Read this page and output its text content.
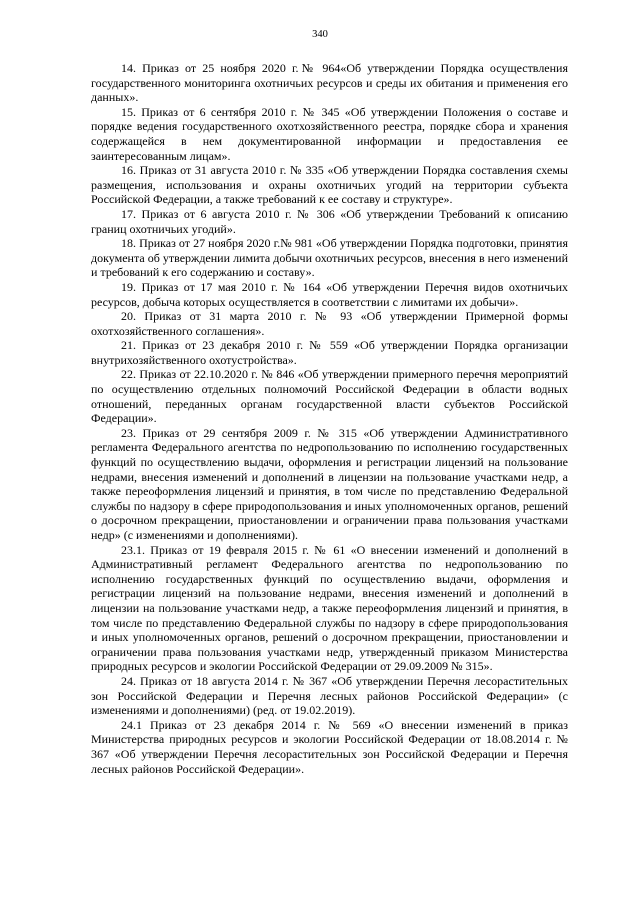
340

14. Приказ от 25 ноября 2020 г.№ 964«Об утверждении Порядка осуществления государственного мониторинга охотничьих ресурсов и среды их обитания и применения его данных».

15. Приказ от 6 сентября 2010 г. № 345 «Об утверждении Положения о составе и порядке ведения государственного охотхозяйственного реестра, порядке сбора и хранения содержащейся в нем документированной информации и предоставления ее заинтересованным лицам».

16. Приказ от 31 августа 2010 г. № 335 «Об утверждении Порядка составления схемы размещения, использования и охраны охотничьих угодий на территории субъекта Российской Федерации, а также требований к ее составу и структуре».

17. Приказ от 6 августа 2010 г. № 306 «Об утверждении Требований к описанию границ охотничьих угодий».

18. Приказ от 27 ноября 2020 г.№ 981 «Об утверждении Порядка подготовки, принятия документа об утверждении лимита добычи охотничьих ресурсов, внесения в него изменений и требований к его содержанию и составу».

19. Приказ от 17 мая 2010 г. № 164 «Об утверждении Перечня видов охотничьих ресурсов, добыча которых осуществляется в соответствии с лимитами их добычи».

20. Приказ от 31 марта 2010 г. № 93 «Об утверждении Примерной формы охотхозяйственного соглашения».

21. Приказ от 23 декабря 2010 г. № 559 «Об утверждении Порядка организации внутрихозяйственного охотустройства».

22. Приказ от 22.10.2020 г. № 846 «Об утверждении примерного перечня мероприятий по осуществлению отдельных полномочий Российской Федерации в области водных отношений, переданных органам государственной власти субъектов Российской Федерации».

23. Приказ от 29 сентября 2009 г. № 315 «Об утверждении Административного регламента Федерального агентства по недропользованию по исполнению государственных функций по осуществлению выдачи, оформления и регистрации лицензий на пользование недрами, внесения изменений и дополнений в лицензии на пользование участками недр, а также переоформления лицензий и принятия, в том числе по представлению Федеральной службы по надзору в сфере природопользования и иных уполномоченных органов, решений о досрочном прекращении, приостановлении и ограничении права пользования участками недр» (с изменениями и дополнениями).

23.1. Приказ от 19 февраля 2015 г. № 61 «О внесении изменений и дополнений в Административный регламент Федерального агентства по недропользованию по исполнению государственных функций по осуществлению выдачи, оформления и регистрации лицензий на пользование недрами, внесения изменений и дополнений в лицензии на пользование участками недр, а также переоформления лицензий и принятия, в том числе по представлению Федеральной службы по надзору в сфере природопользования и иных уполномоченных органов, решений о досрочном прекращении, приостановлении и ограничении права пользования участками недр, утвержденный приказом Министерства природных ресурсов и экологии Российской Федерации от 29.09.2009 № 315».

24. Приказ от 18 августа 2014 г. № 367 «Об утверждении Перечня лесорастительных зон Российской Федерации и Перечня лесных районов Российской Федерации» (с изменениями и дополнениями) (ред. от 19.02.2019).

24.1 Приказ от 23 декабря 2014 г. № 569 «О внесении изменений в приказ Министерства природных ресурсов и экологии Российской Федерации от 18.08.2014 г. № 367 «Об утверждении Перечня лесорастительных зон Российской Федерации и Перечня лесных районов Российской Федерации».
